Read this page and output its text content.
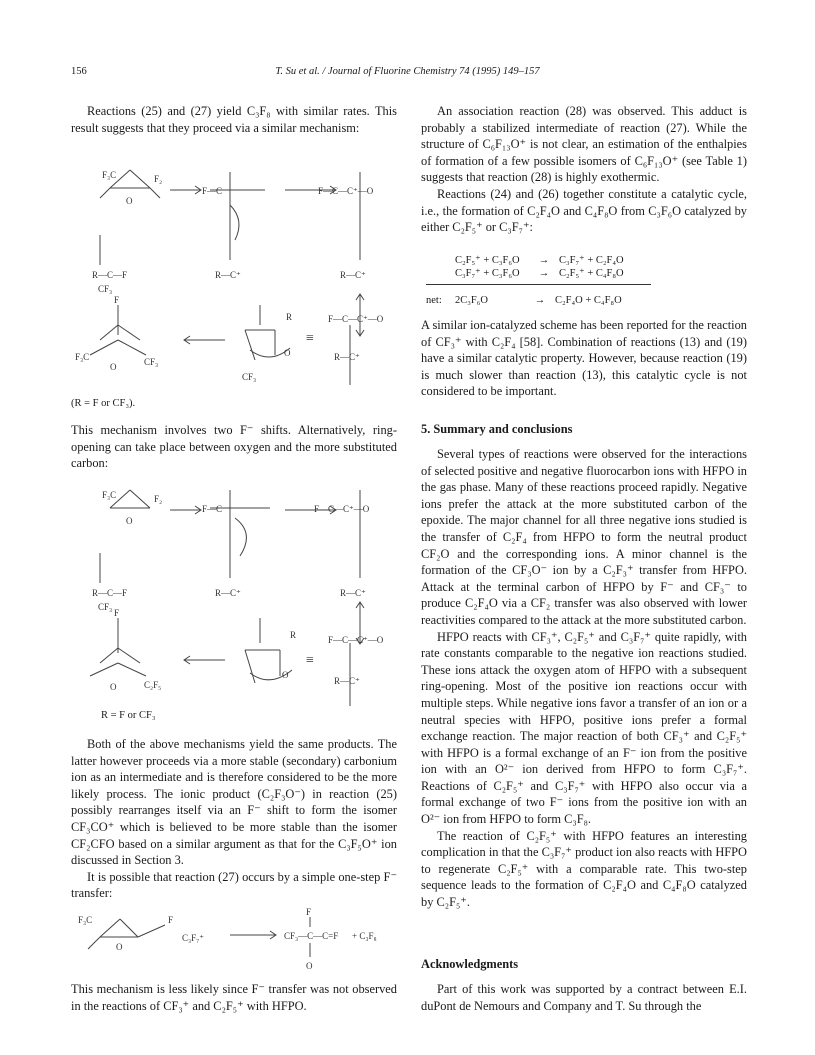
156	T. Su et al. / Journal of Fluorine Chemistry 74 (1995) 149–157

Reactions (25) and (27) yield C₃F₈ with similar rates. This result suggests that they proceed via a similar mechanism:

F₃C	F₂
O
F—C	F—C—C⁺—O
R—C—F
CF₃
R—C⁺	R—C⁺
F
O
F₃C	CF₃
R
O
CF₃
≡
F—C—C⁺—O
R—C⁺
(R = F or CF₃).

This mechanism involves two F⁻ shifts. Alternatively, ring-opening can take place between oxygen and the more substituted carbon:

F₃C	F₂
O
F—C	F—C—C⁺—O
R—C—F
CF₃
R—C⁺	R—C⁺
F
O	C₂F₅
R
O
≡
F—C—C⁺—O
R—C⁺
R = F or CF₃

Both of the above mechanisms yield the same products. The latter however proceeds via a more stable (secondary) carbonium ion as an intermediate and is therefore considered to be the more likely process. The ionic product (C₂F₃O⁻) in reaction (25) possibly rearranges itself via an F⁻ shift to form the isomer CF₃CO⁺ which is believed to be more stable than the isomer CF₂CFO based on a similar argument as that for the C₃F₅O⁺ ion discussed in Section 3.

It is possible that reaction (27) occurs by a simple one-step F⁻ transfer:

F₃C
O
F
C₃F₇⁺
F
CF₃—C—C=F + C₃F₈
O

This mechanism is less likely since F⁻ transfer was not observed in the reactions of CF₃⁺ and C₂F₅⁺ with HFPO.

An association reaction (28) was observed. This adduct is probably a stabilized intermediate of reaction (27). While the structure of C₆F₁₃O⁺ is not clear, an estimation of the enthalpies of formation of a few possible isomers of C₆F₁₃O⁺ (see Table 1) suggests that reaction (28) is highly exothermic.

Reactions (24) and (26) together constitute a catalytic cycle, i.e., the formation of C₂F₄O and C₄F₈O from C₃F₆O catalyzed by either C₂F₅⁺ or C₃F₇⁺:

C₂F₅⁺ + C₃F₆O	→ C₃F₇⁺ + C₂F₄O
C₃F₇⁺ + C₃F₆O	→ C₂F₅⁺ + C₄F₈O
net:	2C₃F₆O	→ C₂F₄O + C₄F₈O

A similar ion-catalyzed scheme has been reported for the reaction of CF₃⁺ with C₂F₄ [58]. Combination of reactions (13) and (19) have a similar catalytic property. However, because reaction (19) is much slower than reaction (13), this catalytic cycle is not considered to be important.

5. Summary and conclusions

Several types of reactions were observed for the interactions of selected positive and negative fluorocarbon ions with HFPO in the gas phase. Many of these reactions proceed rapidly. Negative ions prefer the attack at the more substituted carbon of the epoxide. The major channel for all three negative ions studied is the transfer of C₂F₄ from HFPO to form the neutral product CF₂O and the corresponding ions. A minor channel is the formation of the CF₃O⁻ ion by a C₂F₃⁺ transfer from HFPO. Attack at the terminal carbon of HFPO by F⁻ and CF₃⁻ to produce C₂F₄O via a CF₂ transfer was also observed with lower reactivities compared to the attack at the more substituted carbon.

HFPO reacts with CF₃⁺, C₂F₅⁺ and C₃F₇⁺ quite rapidly, with rate constants comparable to the negative ion reactions studied. These ions attack the oxygen atom of HFPO with a subsequent ring-opening. Most of the positive ion reactions occur with multiple steps. While negative ions favor a transfer of an ion or a neutral species with HFPO, positive ions prefer a formal exchange reaction. The major reaction of both CF₃⁺ and C₂F₅⁺ with HFPO is a formal exchange of an F⁻ ion from the positive ion with an O²⁻ ion derived from HFPO to form C₃F₇⁺. Reactions of C₂F₅⁺ and C₃F₇⁺ with HFPO also occur via a formal exchange of two F⁻ ions from the positive ion with an O²⁻ ion from HFPO to form C₃F₈.

The reaction of C₂F₅⁺ with HFPO features an interesting complication in that the C₃F₇⁺ product ion also reacts with HFPO to regenerate C₂F₅⁺ with a comparable rate. This two-step sequence leads to the formation of C₂F₄O and C₄F₈O catalyzed by C₂F₅⁺.

Acknowledgments

Part of this work was supported by a contract between E.I. duPont de Nemours and Company and T. Su through the
